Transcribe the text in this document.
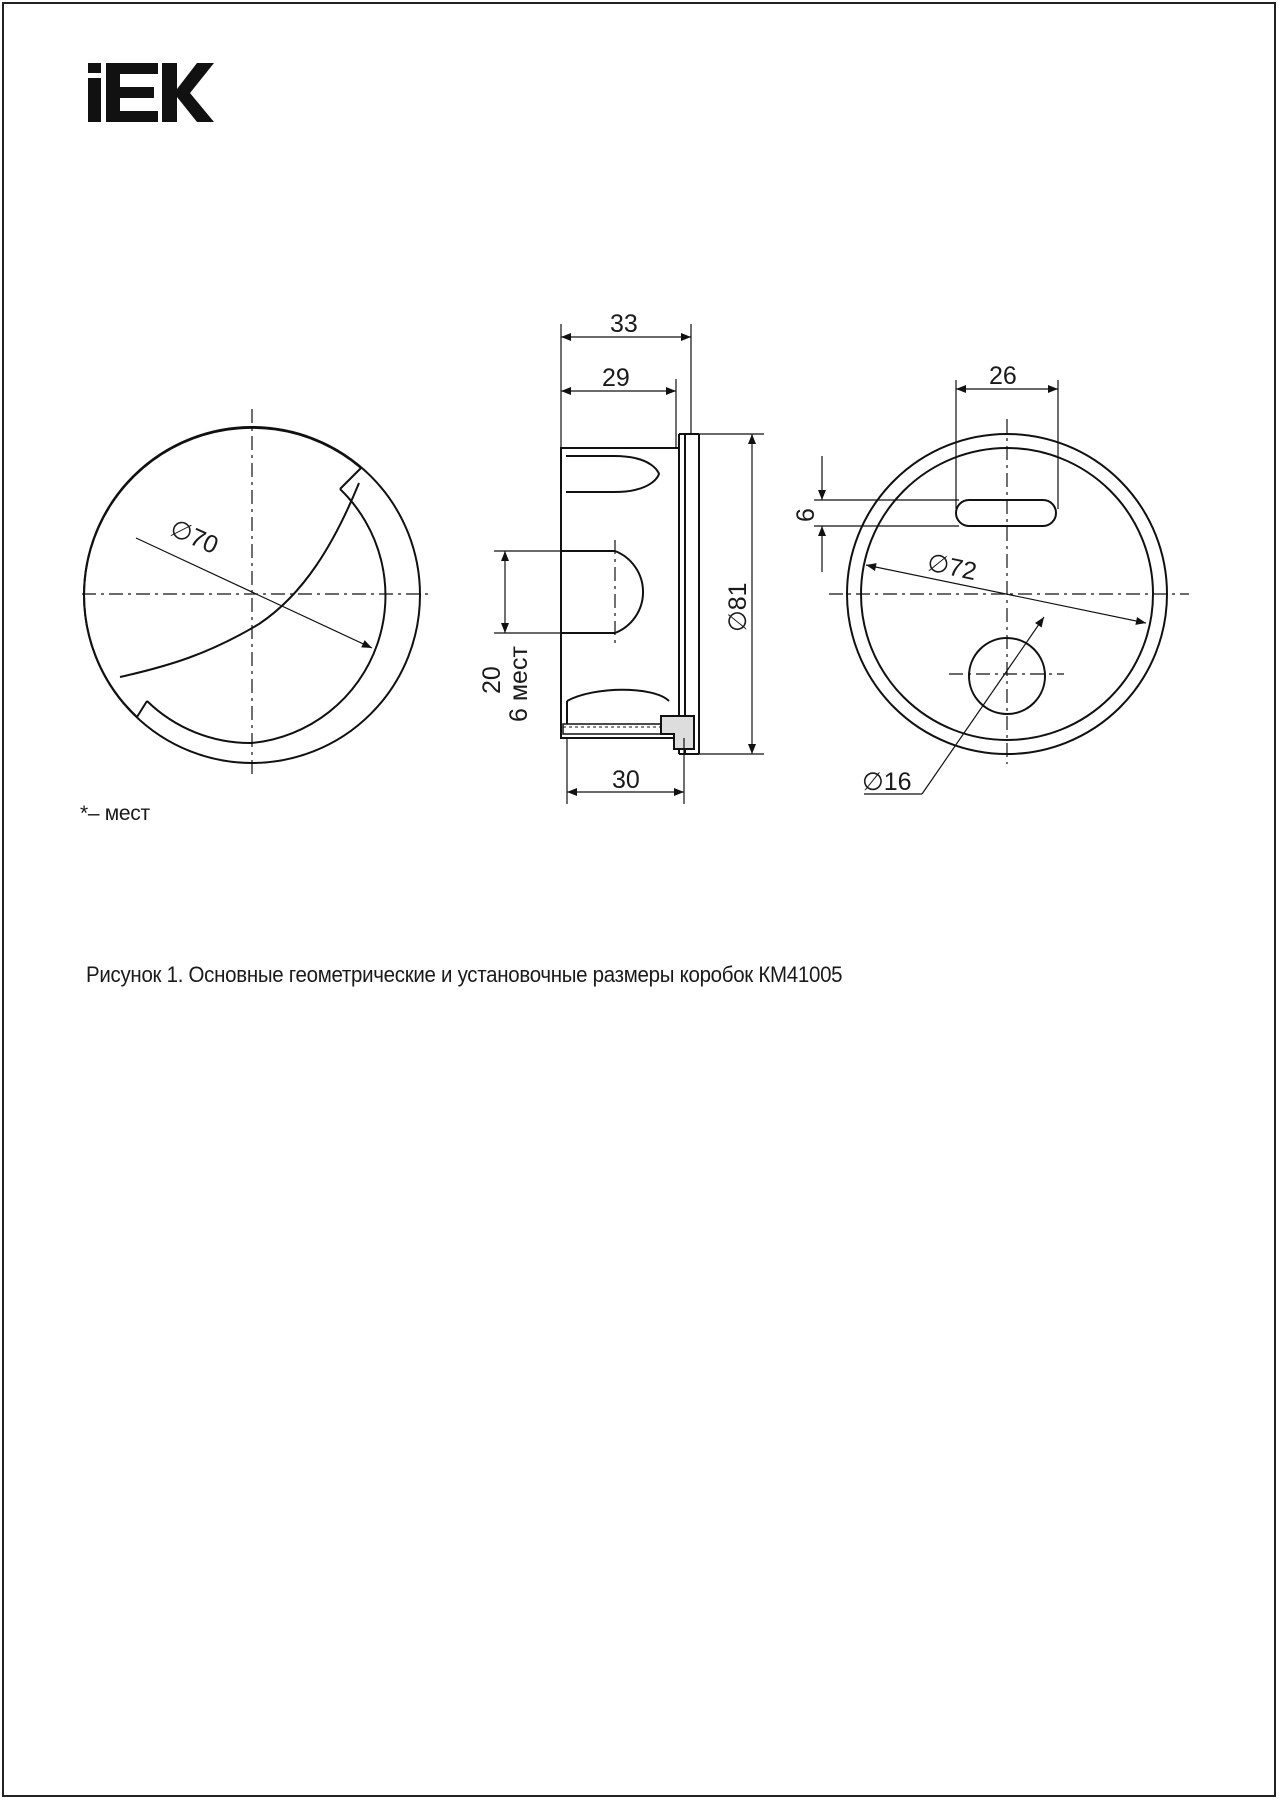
∅70
33
29
30
∅81
20 6 мест
26
6
∅72
∅16
*– мест
Рисунок 1. Основные геометрические и установочные размеры коробок КМ41005
